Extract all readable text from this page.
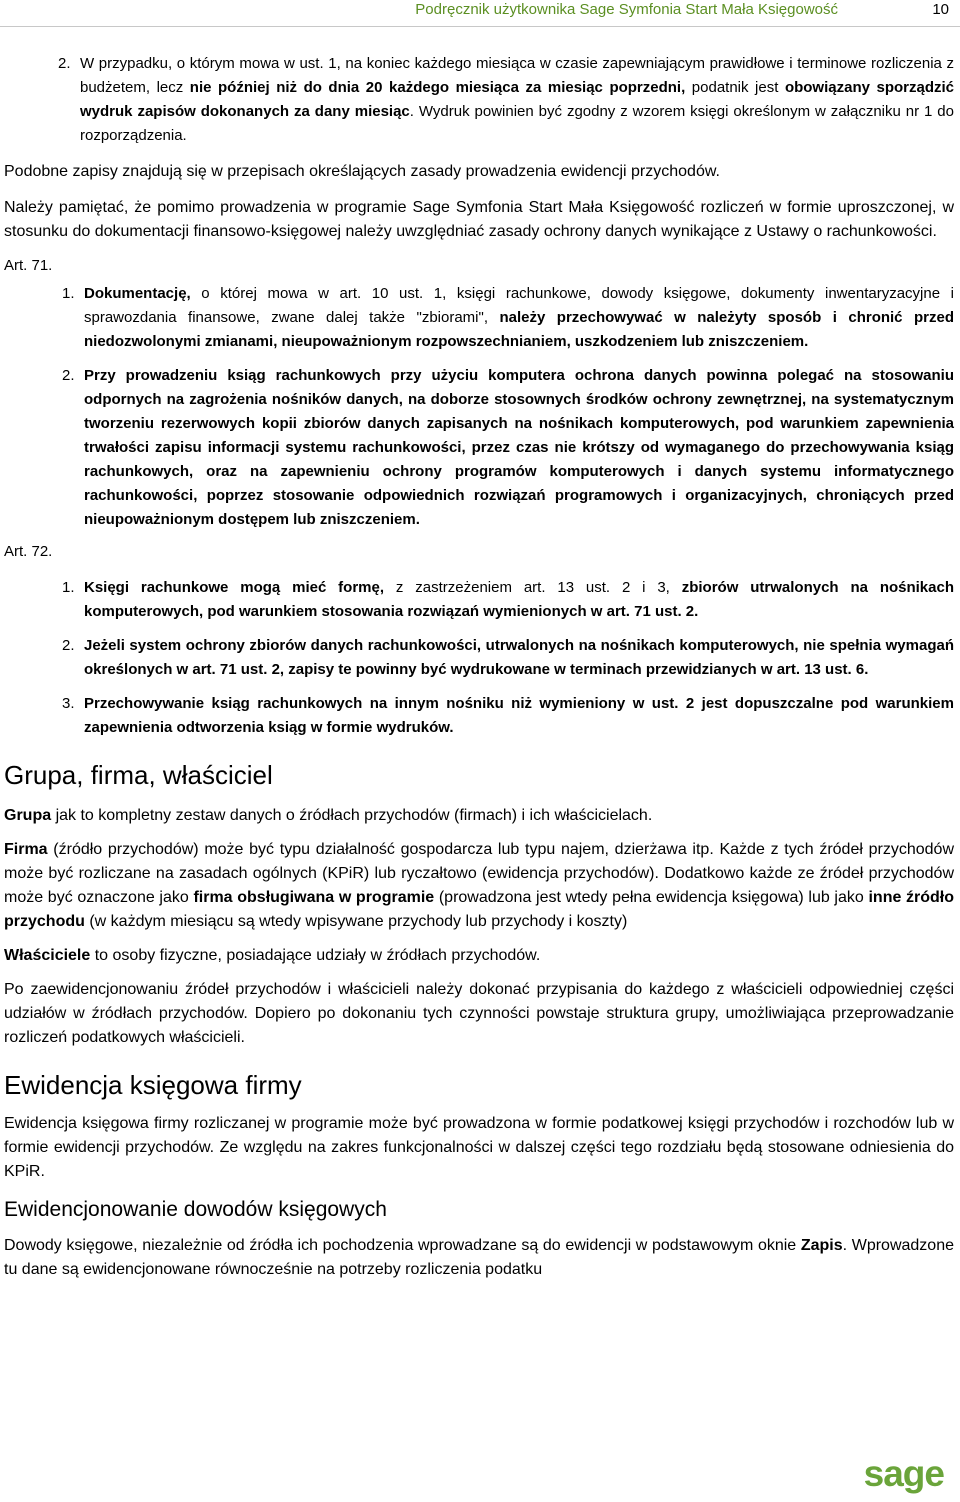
Podręcznik użytkownika Sage Symfonia Start Mała Księgowość	10
2. W przypadku, o którym mowa w ust. 1, na koniec każdego miesiąca w czasie zapewniającym prawidłowe i terminowe rozliczenia z budżetem, lecz nie później niż do dnia 20 każdego miesiąca za miesiąc poprzedni, podatnik jest obowiązany sporządzić wydruk zapisów dokonanych za dany miesiąc. Wydruk powinien być zgodny z wzorem księgi określonym w załączniku nr 1 do rozporządzenia.

Podobne zapisy znajdują się w przepisach określających zasady prowadzenia ewidencji przychodów.

Należy pamiętać, że pomimo prowadzenia w programie Sage Symfonia Start Mała Księgowość rozliczeń w formie uproszczonej, w stosunku do dokumentacji finansowo-księgowej należy uwzględniać zasady ochrony danych wynikające z Ustawy o rachunkowości.

Art. 71.
1. Dokumentację, o której mowa w art. 10 ust. 1, księgi rachunkowe, dowody księgowe, dokumenty inwentaryzacyjne i sprawozdania finansowe, zwane dalej także "zbiorami", należy przechowywać w należyty sposób i chronić przed niedozwolonymi zmianami, nieupoważnionym rozpowszechnianiem, uszkodzeniem lub zniszczeniem.
2. Przy prowadzeniu ksiąg rachunkowych przy użyciu komputera ochrona danych powinna polegać na stosowaniu odpornych na zagrożenia nośników danych, na doborze stosownych środków ochrony zewnętrznej, na systematycznym tworzeniu rezerwowych kopii zbiorów danych zapisanych na nośnikach komputerowych, pod warunkiem zapewnienia trwałości zapisu informacji systemu rachunkowości, przez czas nie krótszy od wymaganego do przechowywania ksiąg rachunkowych, oraz na zapewnieniu ochrony programów komputerowych i danych systemu informatycznego rachunkowości, poprzez stosowanie odpowiednich rozwiązań programowych i organizacyjnych, chroniących przed nieupoważnionym dostępem lub zniszczeniem.
Art. 72.
1. Księgi rachunkowe mogą mieć formę, z zastrzeżeniem art. 13 ust. 2 i 3, zbiorów utrwalonych na nośnikach komputerowych, pod warunkiem stosowania rozwiązań wymienionych w art. 71 ust. 2.
2. Jeżeli system ochrony zbiorów danych rachunkowości, utrwalonych na nośnikach komputerowych, nie spełnia wymagań określonych w art. 71 ust. 2, zapisy te powinny być wydrukowane w terminach przewidzianych w art. 13 ust. 6.
3. Przechowywanie ksiąg rachunkowych na innym nośniku niż wymieniony w ust. 2 jest dopuszczalne pod warunkiem zapewnienia odtworzenia ksiąg w formie wydruków.
Grupa, firma, właściciel

Grupa jak to kompletny zestaw danych o źródłach przychodów (firmach) i ich właścicielach.

Firma (źródło przychodów) może być typu działalność gospodarcza lub typu najem, dzierżawa itp. Każde z tych źródeł przychodów może być rozliczane na zasadach ogólnych (KPiR) lub ryczałtowo (ewidencja przychodów). Dodatkowo każde ze źródeł przychodów może być oznaczone jako firma obsługiwana w programie (prowadzona jest wtedy pełna ewidencja księgowa) lub jako inne źródło przychodu (w każdym miesiącu są wtedy wpisywane przychody lub przychody i koszty)

Właściciele to osoby fizyczne, posiadające udziały w źródłach przychodów.

Po zaewidencjonowaniu źródeł przychodów i właścicieli należy dokonać przypisania do każdego z właścicieli odpowiedniej części udziałów w źródłach przychodów. Dopiero po dokonaniu tych czynności powstaje struktura grupy, umożliwiająca przeprowadzanie rozliczeń podatkowych właścicieli.

Ewidencja księgowa firmy

Ewidencja księgowa firmy rozliczanej w programie może być prowadzona w formie podatkowej księgi przychodów i rozchodów lub w formie ewidencji przychodów. Ze względu na zakres funkcjonalności w dalszej części tego rozdziału będą stosowane odniesienia do KPiR.

Ewidencjonowanie dowodów księgowych

Dowody księgowe, niezależnie od źródła ich pochodzenia wprowadzane są do ewidencji w podstawowym oknie Zapis. Wprowadzone tu dane są ewidencjonowane równocześnie na potrzeby rozliczenia podatku

sage
